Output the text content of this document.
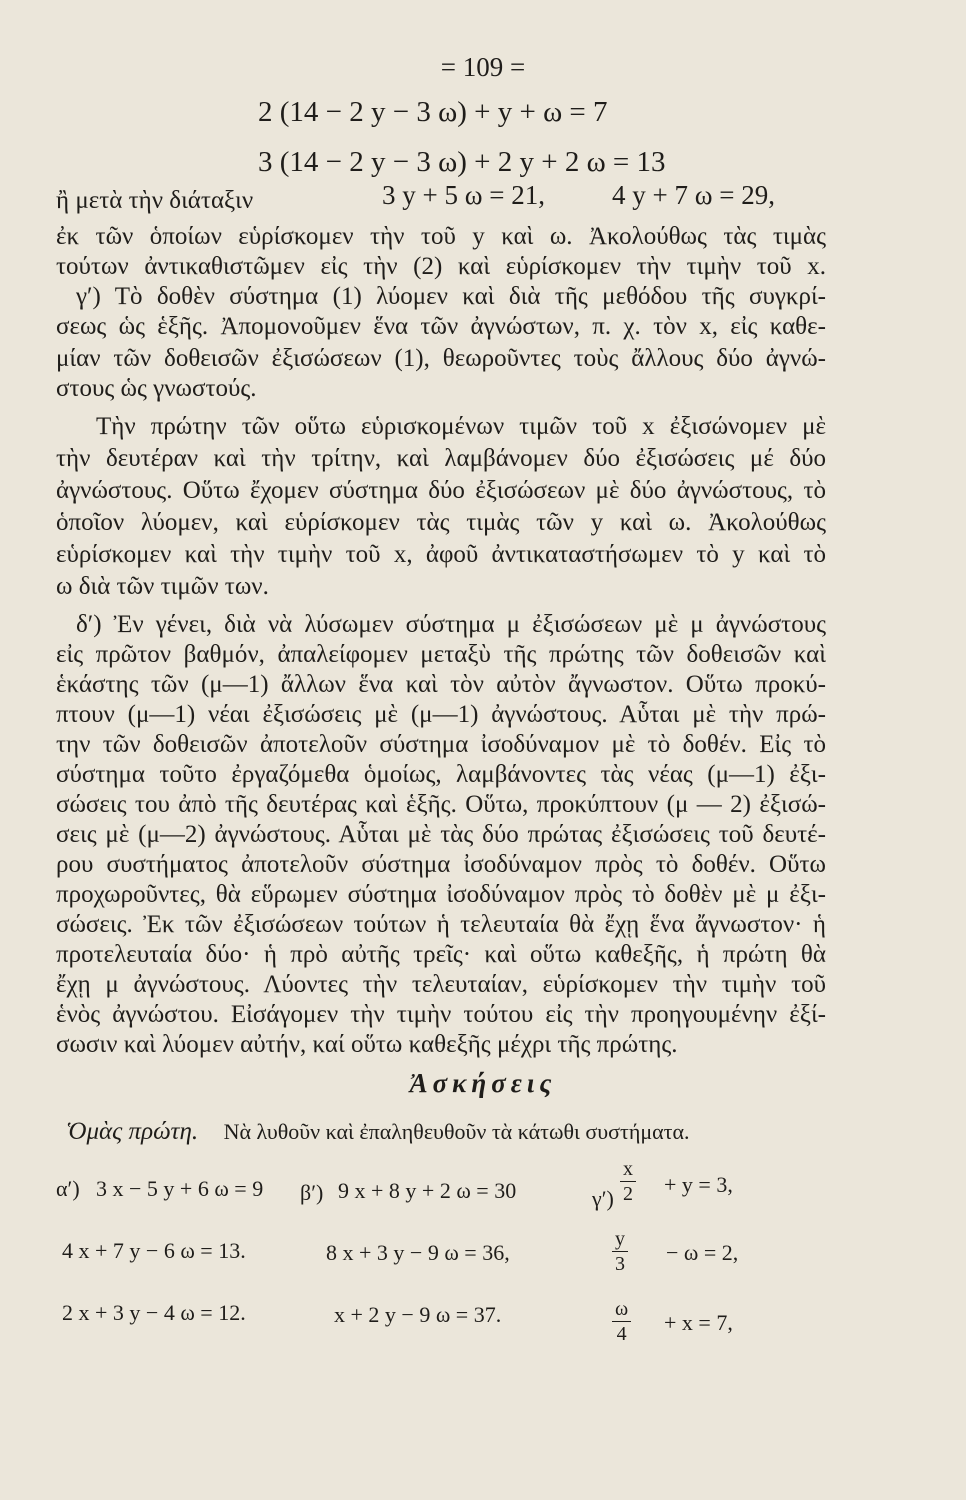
= 109 =
2 (14 − 2 y − 3 ω) + y + ω = 7
3 (14 − 2 y − 3 ω) + 2 y + 2 ω = 13
ἢ μετὰ τὴν διάταξιν	3 y + 5 ω = 21, 4 y + 7 ω = 29,
ἐκ τῶν ὁποίων εὑρίσκομεν τὴν τοῦ y καὶ ω. Ἀκολούθως τὰς τιμὰς
τούτων ἀντικαθιστῶμεν εἰς τὴν (2) καὶ εὑρίσκομεν τὴν τιμὴν τοῦ x.
γ′) Τὸ δοθὲν σύστημα (1) λύομεν καὶ διὰ τῆς μεθόδου τῆς συγκρί-
σεως ὡς ἑξῆς. Ἀπομονοῦμεν ἕνα τῶν ἀγνώστων, π. χ. τὸν x, εἰς καθε-
μίαν τῶν δοθεισῶν ἐξισώσεων (1), θεωροῦντες τοὺς ἄλλους δύο ἀγνώ-
στους ὡς γνωστούς.
Τὴν πρώτην τῶν οὕτω εὑρισκομένων τιμῶν τοῦ x ἐξισώνομεν μὲ
τὴν δευτέραν καὶ τὴν τρίτην, καὶ λαμβάνομεν δύο ἐξισώσεις μέ δύο
ἀγνώστους. Οὕτω ἔχομεν σύστημα δύο ἐξισώσεων μὲ δύο ἀγνώστους, τὸ
ὁποῖον λύομεν, καὶ εὑρίσκομεν τὰς τιμὰς τῶν y καὶ ω. Ἀκολούθως
εὑρίσκομεν καὶ τὴν τιμὴν τοῦ x, ἀφοῦ ἀντικαταστήσωμεν τὸ y καὶ τὸ
ω διὰ τῶν τιμῶν των.
δ′) Ἐν γένει, διὰ νὰ λύσωμεν σύστημα μ ἐξισώσεων μὲ μ ἀγνώστους
εἰς πρῶτον βαθμόν, ἀπαλείφομεν μεταξὺ τῆς πρώτης τῶν δοθεισῶν καὶ
ἑκάστης τῶν (μ—1) ἄλλων ἕνα καὶ τὸν αὐτὸν ἄγνωστον. Οὕτω προκύ-
πτουν (μ—1) νέαι ἐξισώσεις μὲ (μ—1) ἀγνώστους. Αὗται μὲ τὴν πρώ-
την τῶν δοθεισῶν ἀποτελοῦν σύστημα ἰσοδύναμον μὲ τὸ δοθέν. Εἰς τὸ
σύστημα τοῦτο ἐργαζόμεθα ὁμοίως, λαμβάνοντες τὰς νέας (μ—1) ἐξι-
σώσεις του ἀπὸ τῆς δευτέρας καὶ ἑξῆς. Οὕτω, προκύπτουν (μ — 2) ἐξισώ-
σεις μὲ (μ—2) ἀγνώστους. Αὗται μὲ τὰς δύο πρώτας ἐξισώσεις τοῦ δευτέ-
ρου συστήματος ἀποτελοῦν σύστημα ἰσοδύναμον πρὸς τὸ δοθέν. Οὕτω
προχωροῦντες, θὰ εὕρωμεν σύστημα ἰσοδύναμον πρὸς τὸ δοθὲν μὲ μ ἐξι-
σώσεις. Ἐκ τῶν ἐξισώσεων τούτων ἡ τελευταία θὰ ἔχῃ ἕνα ἄγνωστον· ἡ
προτελευταία δύο· ἡ πρὸ αὐτῆς τρεῖς· καὶ οὕτω καθεξῆς, ἡ πρώτη θὰ
ἔχῃ μ ἀγνώστους. Λύοντες τὴν τελευταίαν, εὑρίσκομεν τὴν τιμὴν τοῦ
ἑνὸς ἀγνώστου. Εἰσάγομεν τὴν τιμὴν τούτου εἰς τὴν προηγουμένην ἐξί-
σωσιν καὶ λύομεν αὐτήν, καί οὕτω καθεξῆς μέχρι τῆς πρώτης.
Ἀσκήσεις
Ὁμὰς πρώτη. Νὰ λυθοῦν καὶ ἐπαληθευθοῦν τὰ κάτωθι συστήματα.
α′) 3 x − 5 y + 6 ω = 9
4 x + 7 y − 6 ω = 13.
2 x + 3 y − 4 ω = 12.
β′) 9 x + 8 y + 2 ω = 30
8 x + 3 y − 9 ω = 36,
x + 2 y − 9 ω = 37.
$\gamma') \frac{x}{2} + y = 3$,
$\frac{y}{3} - \omega = 2$,
$\frac{\omega}{4} + x = 7$,
